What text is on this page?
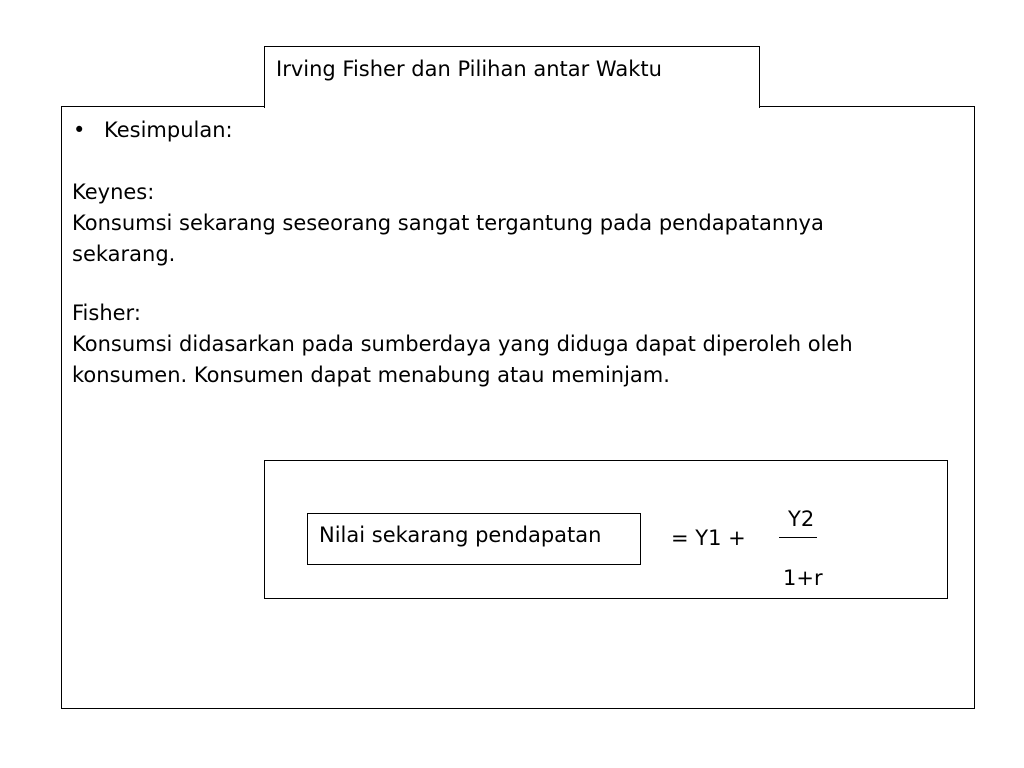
Irving Fisher dan Pilihan antar Waktu
• Kesimpulan:
Keynes:
Konsumsi sekarang seseorang sangat tergantung pada pendapatannya
sekarang.
Fisher:
Konsumsi didasarkan pada sumberdaya yang diduga dapat diperoleh oleh
konsumen. Konsumen dapat menabung atau meminjam.
Nilai sekarang pendapatan	= Y1 +
Y2
1+r
